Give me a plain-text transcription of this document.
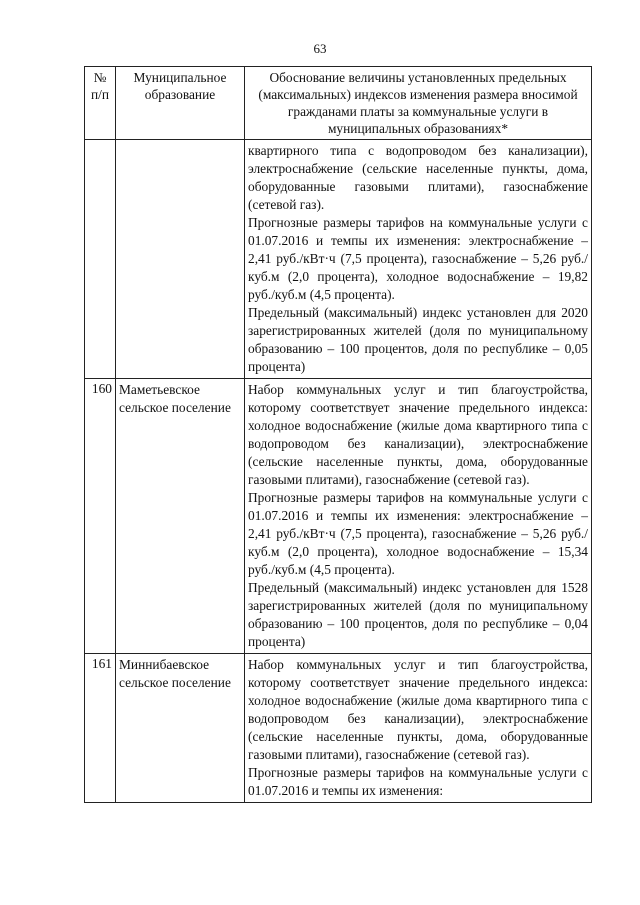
63
№ п/п	Муниципальное образование	Обоснование величины установленных предельных (максимальных) индексов изменения размера вносимой гражданами платы за коммунальные услуги в муниципальных образованиях*

		квартирного типа с водопроводом без канализации), электроснабжение (сельские населенные пункты, дома, оборудованные газовыми плитами), газоснабжение (сетевой газ).

Прогнозные размеры тарифов на коммунальные услуги с 01.07.2016 и темпы их изменения: электроснабжение – 2,41 руб./кВт·ч (7,5 процента), газоснабжение – 5,26 руб./куб.м (2,0 процента), холодное водоснабжение – 19,82 руб./куб.м (4,5 процента).

Предельный (максимальный) индекс установлен для 2020 зарегистрированных жителей (доля по муниципальному образованию – 100 процентов, доля по республике – 0,05 процента)

160	Маметьевское сельское поселение	Набор коммунальных услуг и тип благоустройства, которому соответствует значение предельного индекса: холодное водоснабжение (жилые дома квартирного типа с водопроводом без канализации), электроснабжение (сельские населенные пункты, дома, оборудованные газовыми плитами), газоснабжение (сетевой газ).

Прогнозные размеры тарифов на коммунальные услуги с 01.07.2016 и темпы их изменения: электроснабжение – 2,41 руб./кВт·ч (7,5 процента), газоснабжение – 5,26 руб./куб.м (2,0 процента), холодное водоснабжение – 15,34 руб./куб.м (4,5 процента).

Предельный (максимальный) индекс установлен для 1528 зарегистрированных жителей (доля по муниципальному образованию – 100 процентов, доля по республике – 0,04 процента)

161	Миннибаевское сельское поселение	Набор коммунальных услуг и тип благоустройства, которому соответствует значение предельного индекса: холодное водоснабжение (жилые дома квартирного типа с водопроводом без канализации), электроснабжение (сельские населенные пункты, дома, оборудованные газовыми плитами), газоснабжение (сетевой газ).

Прогнозные размеры тарифов на коммунальные услуги с 01.07.2016 и темпы их изменения:
